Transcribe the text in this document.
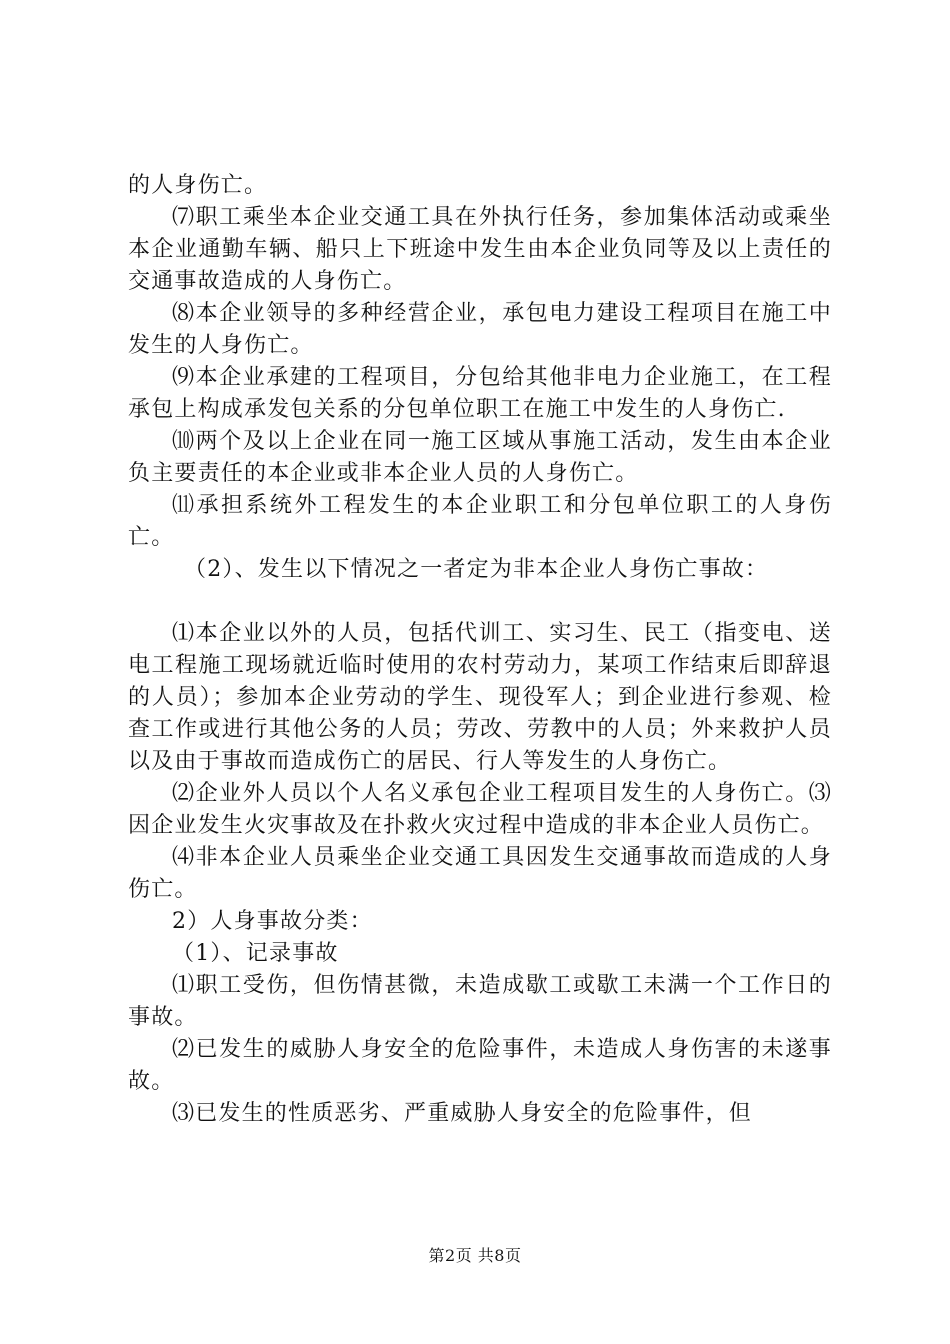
的人身伤亡。

⑺职工乘坐本企业交通工具在外执行任务，参加集体活动或乘坐本企业通勤车辆、船只上下班途中发生由本企业负同等及以上责任的交通事故造成的人身伤亡。

⑻本企业领导的多种经营企业，承包电力建设工程项目在施工中发生的人身伤亡。

⑼本企业承建的工程项目，分包给其他非电力企业施工，在工程承包上构成承发包关系的分包单位职工在施工中发生的人身伤亡.

⑽两个及以上企业在同一施工区域从事施工活动，发生由本企业负主要责任的本企业或非本企业人员的人身伤亡。

⑾承担系统外工程发生的本企业职工和分包单位职工的人身伤亡。

（2）、发生以下情况之一者定为非本企业人身伤亡事故：

⑴本企业以外的人员，包括代训工、实习生、民工（指变电、送电工程施工现场就近临时使用的农村劳动力，某项工作结束后即辞退的人员）；参加本企业劳动的学生、现役军人；到企业进行参观、检查工作或进行其他公务的人员；劳改、劳教中的人员；外来救护人员以及由于事故而造成伤亡的居民、行人等发生的人身伤亡。

⑵企业外人员以个人名义承包企业工程项目发生的人身伤亡。⑶因企业发生火灾事故及在扑救火灾过程中造成的非本企业人员伤亡。

⑷非本企业人员乘坐企业交通工具因发生交通事故而造成的人身伤亡。

2）人身事故分类：

（1）、记录事故

⑴职工受伤，但伤情甚微，未造成歇工或歇工未满一个工作日的事故。

⑵已发生的威胁人身安全的危险事件，未造成人身伤害的未遂事故。

⑶已发生的性质恶劣、严重威胁人身安全的危险事件，但

第2页 共8页
